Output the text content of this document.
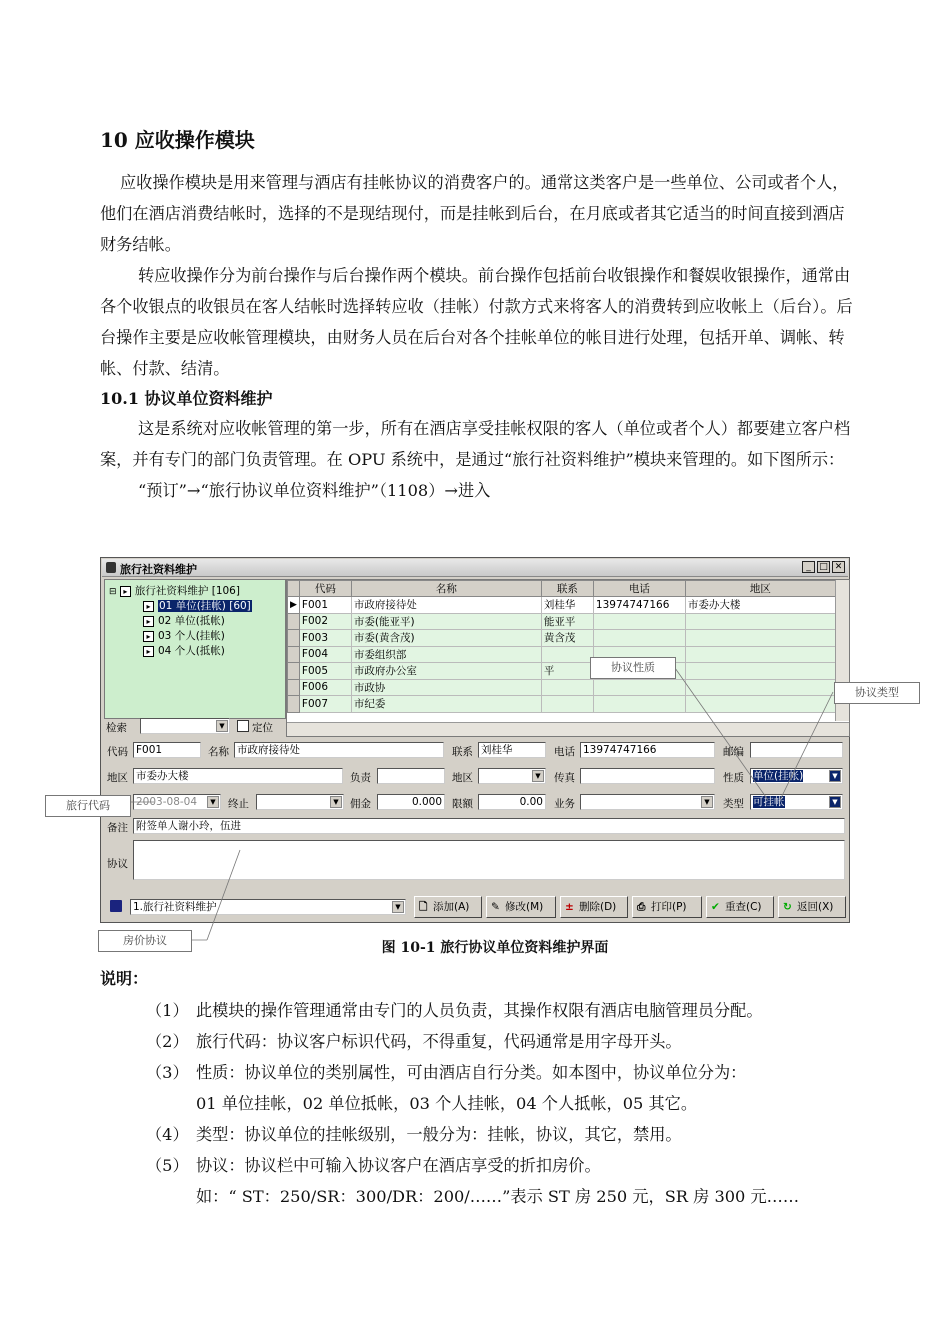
10 应收操作模块

应收操作模块是用来管理与酒店有挂帐协议的消费客户的。通常这类客户是一些单位、公司或者个人，他们在酒店消费结帐时，选择的不是现结现付，而是挂帐到后台，在月底或者其它适当的时间直接到酒店财务结帐。

转应收操作分为前台操作与后台操作两个模块。前台操作包括前台收银操作和餐娱收银操作，通常由各个收银点的收银员在客人结帐时选择转应收（挂帐）付款方式来将客人的消费转到应收帐上（后台）。后台操作主要是应收帐管理模块，由财务人员在后台对各个挂帐单位的帐目进行处理，包括开单、调帐、转帐、付款、结清。

10.1 协议单位资料维护

这是系统对应收帐管理的第一步，所有在酒店享受挂帐权限的客人（单位或者个人）都要建立客户档案，并有专门的部门负责管理。在 OPU 系统中，是通过“旅行社资料维护”模块来管理的。如下图所示：

“预订”→“旅行协议单位资料维护”（1108）→进入

旅行社资料维护	_ □ ✕
⊟ ▸ 旅行社资料维护 [106]
▸ 01 单位(挂帐) [60]
▸ 02 单位(抵帐)
▸ 03 个人(挂帐)
▸ 04 个人(抵帐)
检索	▼	定位
	代码	名称	联系	电话	地区
▶	F001	市政府接待处	刘桂华	13974747166	市委办大楼
	F002	市委(能亚平)	能亚平		
	F003	市委(黄含茂)	黄含茂		
	F004	市委组织部			
	F005	市政府办公室	平		
	F006	市政协			
	F007	市纪委			
代码 F001	名称 市政府接待处	联系 刘桂华	电话 13974747166	邮编
地区 市委办大楼	负责	地区	▼	传真	性质 单位(挂帐)	▼
2003-08-04	▼	终止	▼	佣金	0.000 限额	0.00 业务	▼	类型 可挂帐	▼
备注 附签单人谢小玲，伍进
协议
1.旅行社资料维护	▼	🗋 添加(A)	✎ 修改(M)	± 删除(D)	⎙ 打印(P)	✔ 重查(C)	↻ 返回(X)
协议性质
协议类型
旅行代码
房价协议	图 10-1 旅行协议单位资料维护界面
说明：
（1） 此模块的操作管理通常由专门的人员负责，其操作权限有酒店电脑管理员分配。
（2） 旅行代码：协议客户标识代码，不得重复，代码通常是用字母开头。
（3） 性质：协议单位的类别属性，可由酒店自行分类。如本图中，协议单位分为：
01 单位挂帐，02 单位抵帐，03 个人挂帐，04 个人抵帐，05 其它。
（4） 类型：协议单位的挂帐级别，一般分为：挂帐，协议，其它，禁用。
（5） 协议：协议栏中可输入协议客户在酒店享受的折扣房价。
如：“ ST：250/SR：300/DR：200/……”表示 ST 房 250 元，SR 房 300 元……
